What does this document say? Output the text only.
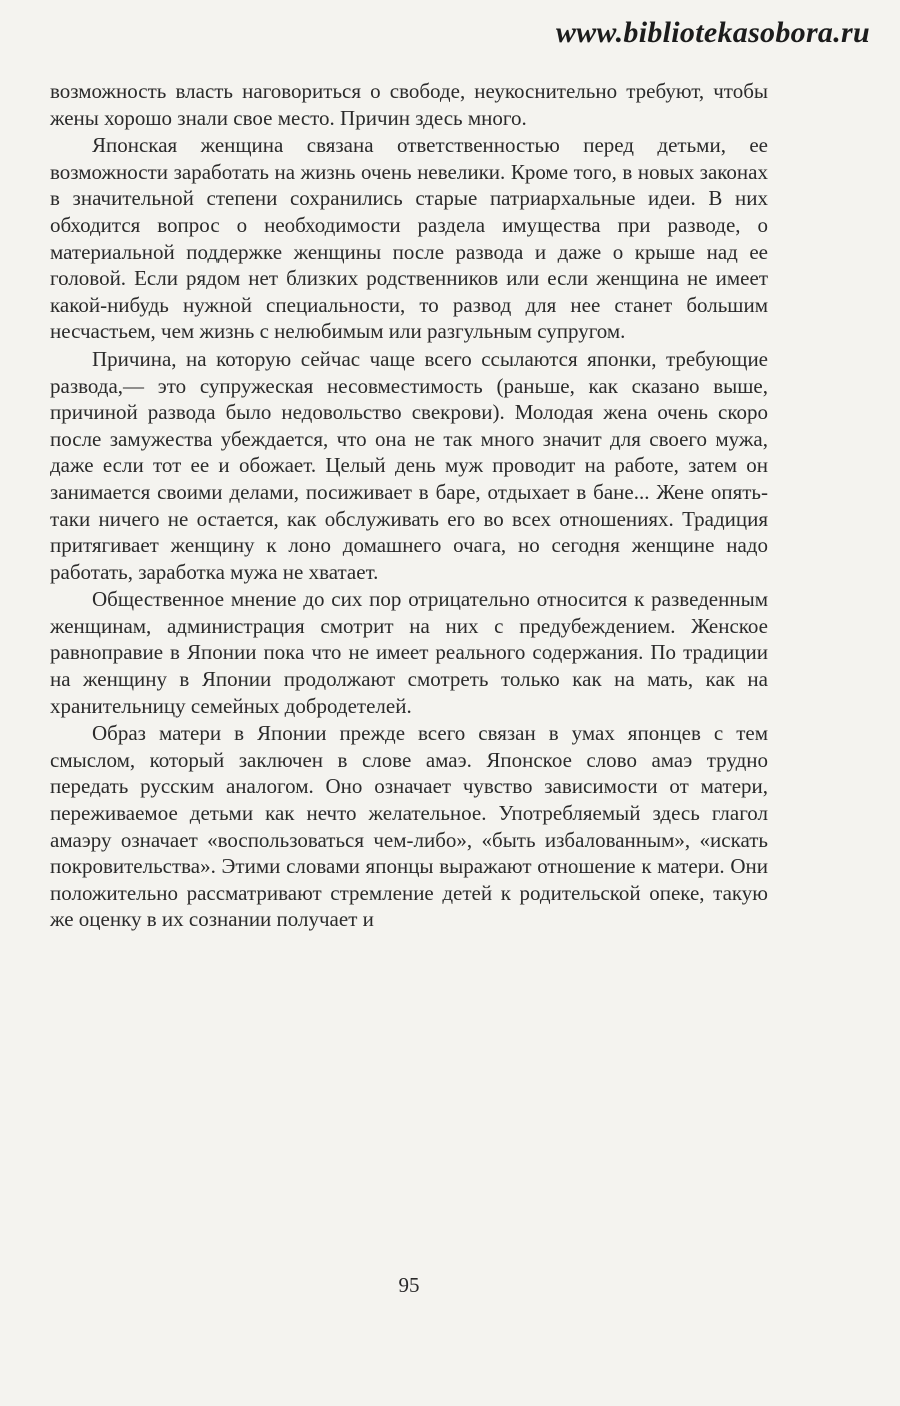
www.bibliotekasobora.ru

возможность власть наговориться о свободе, неукоснительно требуют, чтобы жены хорошо знали свое место. Причин здесь много.

Японская женщина связана ответственностью перед детьми, ее возможности заработать на жизнь очень невелики. Кроме того, в новых законах в значительной степени сохранились старые патриархальные идеи. В них обходится вопрос о необходимости раздела имущества при разводе, о материальной поддержке женщины после развода и даже о крыше над ее головой. Если рядом нет близких родственников или если женщина не имеет какой-нибудь нужной специальности, то развод для нее станет большим несчастьем, чем жизнь с нелюбимым или разгульным супругом.

Причина, на которую сейчас чаще всего ссылаются японки, требующие развода,— это супружеская несовместимость (раньше, как сказано выше, причиной развода было недовольство свекрови). Молодая жена очень скоро после замужества убеждается, что она не так много значит для своего мужа, даже если тот ее и обожает. Целый день муж проводит на работе, затем он занимается своими делами, посиживает в баре, отдыхает в бане... Жене опять-таки ничего не остается, как обслуживать его во всех отношениях. Традиция притягивает женщину к лоно домашнего очага, но сегодня женщине надо работать, заработка мужа не хватает.

Общественное мнение до сих пор отрицательно относится к разведенным женщинам, администрация смотрит на них с предубеждением. Женское равноправие в Японии пока что не имеет реального содержания. По традиции на женщину в Японии продолжают смотреть только как на мать, как на хранительницу семейных добродетелей.

Образ матери в Японии прежде всего связан в умах японцев с тем смыслом, который заключен в слове амаэ. Японское слово амаэ трудно передать русским аналогом. Оно означает чувство зависимости от матери, переживаемое детьми как нечто желательное. Употребляемый здесь глагол амаэру означает «воспользоваться чем-либо», «быть избалованным», «искать покровительства». Этими словами японцы выражают отношение к матери. Они положительно рассматривают стремление детей к родительской опеке, такую же оценку в их сознании получает и

95
